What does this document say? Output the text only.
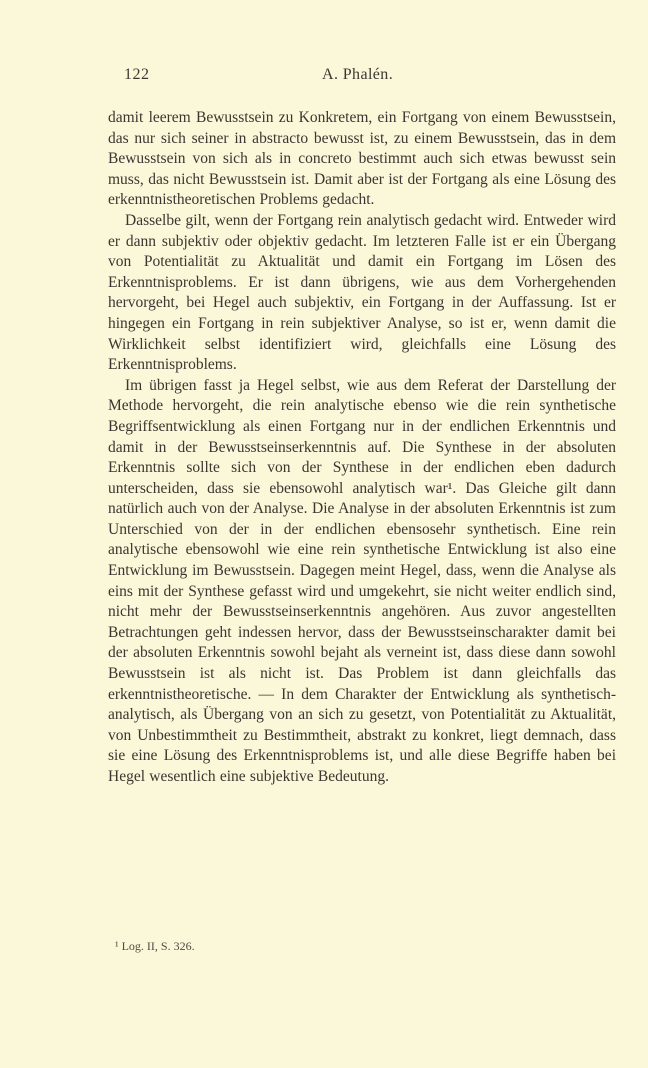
122	A. Phalén.

damit leerem Bewusstsein zu Konkretem, ein Fortgang von einem Bewusstsein, das nur sich seiner in abstracto bewusst ist, zu einem Bewusstsein, das in dem Bewusstsein von sich als in concreto bestimmt auch sich etwas bewusst sein muss, das nicht Bewusstsein ist. Damit aber ist der Fortgang als eine Lösung des erkenntnistheoretischen Problems gedacht.

Dasselbe gilt, wenn der Fortgang rein analytisch gedacht wird. Entweder wird er dann subjektiv oder objektiv gedacht. Im letzteren Falle ist er ein Übergang von Potentialität zu Aktualität und damit ein Fortgang im Lösen des Erkenntnisproblems. Er ist dann übrigens, wie aus dem Vorhergehenden hervorgeht, bei Hegel auch subjektiv, ein Fortgang in der Auffassung. Ist er hingegen ein Fortgang in rein subjektiver Analyse, so ist er, wenn damit die Wirklichkeit selbst identifiziert wird, gleichfalls eine Lösung des Erkenntnisproblems.

Im übrigen fasst ja Hegel selbst, wie aus dem Referat der Darstellung der Methode hervorgeht, die rein analytische ebenso wie die rein synthetische Begriffsentwicklung als einen Fortgang nur in der endlichen Erkenntnis und damit in der Bewusstseinserkenntnis auf. Die Synthese in der absoluten Erkenntnis sollte sich von der Synthese in der endlichen eben dadurch unterscheiden, dass sie ebensowohl analytisch war¹. Das Gleiche gilt dann natürlich auch von der Analyse. Die Analyse in der absoluten Erkenntnis ist zum Unterschied von der in der endlichen ebensosehr synthetisch. Eine rein analytische ebensowohl wie eine rein synthetische Entwicklung ist also eine Entwicklung im Bewusstsein. Dagegen meint Hegel, dass, wenn die Analyse als eins mit der Synthese gefasst wird und umgekehrt, sie nicht weiter endlich sind, nicht mehr der Bewusstseinserkenntnis angehören. Aus zuvor angestellten Betrachtungen geht indessen hervor, dass der Bewusstseinscharakter damit bei der absoluten Erkenntnis sowohl bejaht als verneint ist, dass diese dann sowohl Bewusstsein ist als nicht ist. Das Problem ist dann gleichfalls das erkenntnistheoretische. — In dem Charakter der Entwicklung als synthetisch-analytisch, als Übergang von an sich zu gesetzt, von Potentialität zu Aktualität, von Unbestimmtheit zu Bestimmtheit, abstrakt zu konkret, liegt demnach, dass sie eine Lösung des Erkenntnisproblems ist, und alle diese Begriffe haben bei Hegel wesentlich eine subjektive Bedeutung.

¹ Log. II, S. 326.
